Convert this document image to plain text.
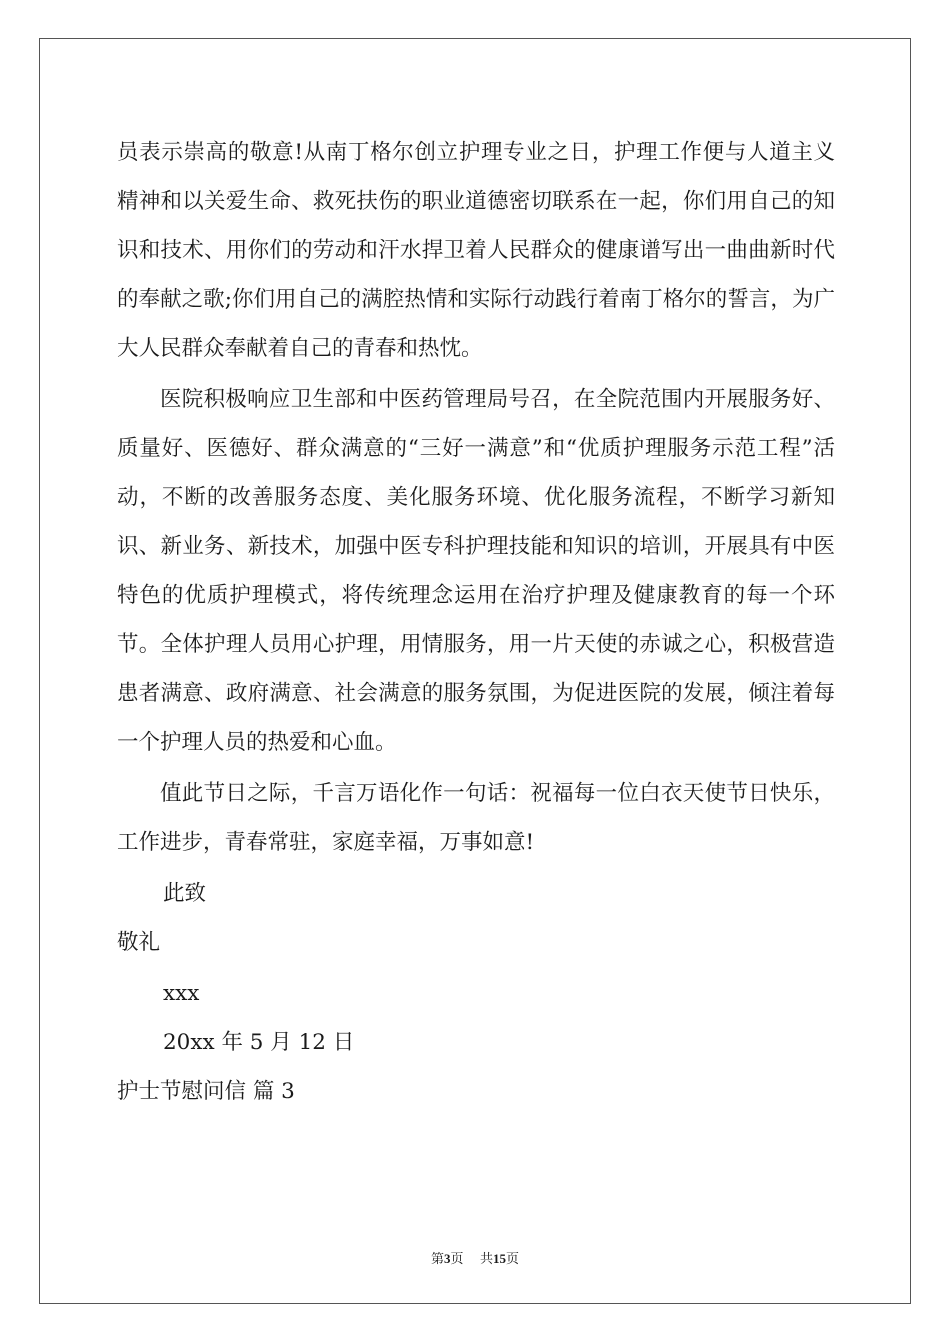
员表示崇高的敬意!从南丁格尔创立护理专业之日，护理工作便与人道主义精神和以关爱生命、救死扶伤的职业道德密切联系在一起，你们用自己的知识和技术、用你们的劳动和汗水捍卫着人民群众的健康谱写出一曲曲新时代的奉献之歌;你们用自己的满腔热情和实际行动践行着南丁格尔的誓言，为广大人民群众奉献着自己的青春和热忱。

医院积极响应卫生部和中医药管理局号召，在全院范围内开展服务好、质量好、医德好、群众满意的“三好一满意”和“优质护理服务示范工程”活动，不断的改善服务态度、美化服务环境、优化服务流程，不断学习新知识、新业务、新技术，加强中医专科护理技能和知识的培训，开展具有中医特色的优质护理模式，将传统理念运用在治疗护理及健康教育的每一个环节。全体护理人员用心护理，用情服务，用一片天使的赤诚之心，积极营造患者满意、政府满意、社会满意的服务氛围，为促进医院的发展，倾注着每一个护理人员的热爱和心血。

值此节日之际，千言万语化作一句话：祝福每一位白衣天使节日快乐，工作进步，青春常驻，家庭幸福，万事如意!

此致

敬礼

xxx

20xx 年 5 月 12 日

护士节慰问信 篇 3

第3页 共15页
